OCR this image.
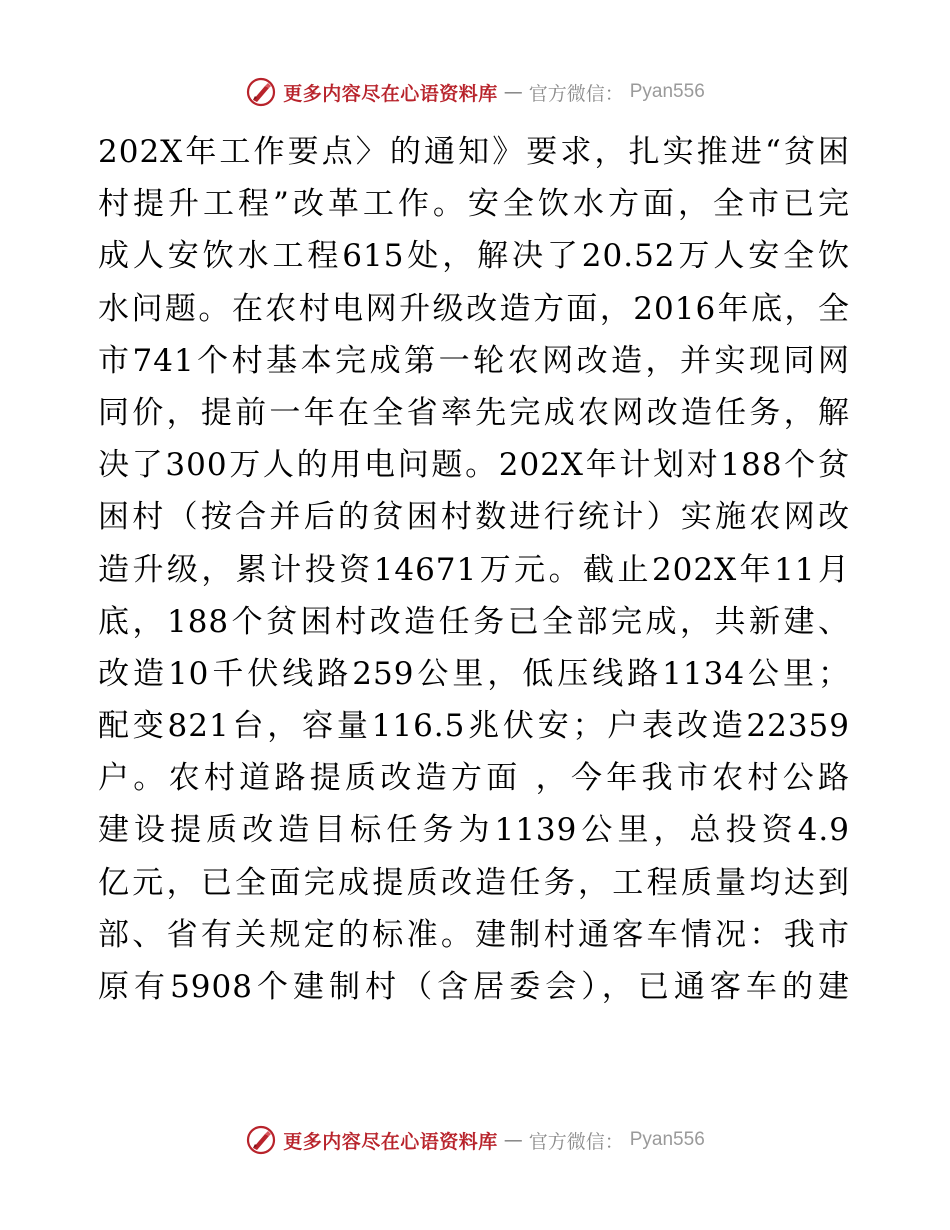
更多内容尽在心语资料库 — 官方微信： Pyan556
202X年工作要点〉的通知》要求，扎实推进“贫困
村提升工程”改革工作。安全饮水方面，全市已完
成人安饮水工程615处，解决了20.52万人安全饮
水问题。在农村电网升级改造方面，2016年底，全
市741个村基本完成第一轮农网改造，并实现同网
同价，提前一年在全省率先完成农网改造任务，解
决了300万人的用电问题。202X年计划对188个贫
困村（按合并后的贫困村数进行统计）实施农网改
造升级，累计投资14671万元。截止202X年11月
底，188个贫困村改造任务已全部完成，共新建、
改造10千伏线路259公里，低压线路1134公里；
配变821台，容量116.5兆伏安；户表改造22359
户。农村道路提质改造方面 ，今年我市农村公路
建设提质改造目标任务为1139公里，总投资4.9
亿元，已全面完成提质改造任务，工程质量均达到
部、省有关规定的标准。建制村通客车情况：我市
原有5908个建制村（含居委会），已通客车的建
更多内容尽在心语资料库 — 官方微信： Pyan556
